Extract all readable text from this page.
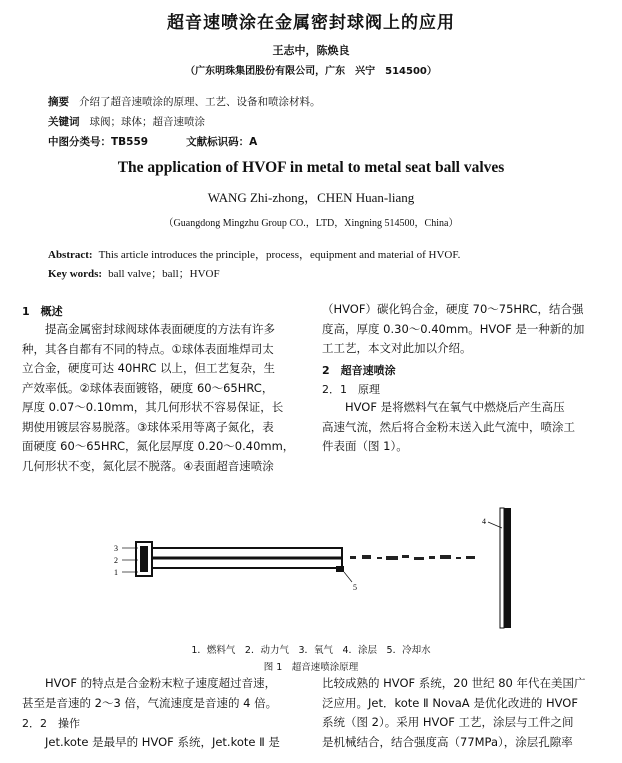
超音速喷涂在金属密封球阀上的应用
王志中，陈焕良
（广东明珠集团股份有限公司，广东　兴宁　514500）
摘要 介绍了超音速喷涂的原理、工艺、设备和喷涂材料。
关键词 球阀；球体；超音速喷涂
中图分类号：TB559	文献标识码：A
The application of HVOF in metal to metal seat ball valves
WANG Zhi-zhong，CHEN Huan-liang
（Guangdong Mingzhu Group CO.，LTD，Xingning 514500，China）
Abstract: This article introduces the principle，process，equipment and material of HVOF.
Key words: ball valve；ball；HVOF
1　概述
提高金属密封球阀球体表面硬度的方法有许多
种，其各自都有不同的特点。①球体表面堆焊司太
立合金，硬度可达 40HRC 以上，但工艺复杂，生
产效率低。②球体表面镀铬，硬度 60～65HRC，
厚度 0.07～0.10mm，其几何形状不容易保证，长
期使用镀层容易脱落。③球体采用等离子氮化，表
面硬度 60～65HRC，氮化层厚度 0.20～0.40mm，
几何形状不变，氮化层不脱落。④表面超音速喷涂
（HVOF）碳化钨合金，硬度 70～75HRC，结合强
度高，厚度 0.30～0.40mm。HVOF 是一种新的加
工工艺，本文对此加以介绍。
2　超音速喷涂
2．1　原理
HVOF 是将燃料气在氧气中燃烧后产生高压
高速气流，然后将合金粉末送入此气流中，喷涂工
件表面（图 1）。
1
2
3
4
5
1．燃料气　2．动力气　3．氧气　4．涂层　5．冷却水
图 1　超音速喷涂原理
HVOF 的特点是合金粉末粒子速度超过音速，
甚至是音速的 2～3 倍，气流速度是音速的 4 倍。
2．2　操作
Jet.kote 是最早的 HVOF 系统，Jet.kote Ⅱ 是
比较成熟的 HVOF 系统，20 世纪 80 年代在美国广
泛应用。Jet．kote Ⅱ NovaA 是优化改进的 HVOF
系统（图 2）。采用 HVOF 工艺，涂层与工件之间
是机械结合，结合强度高（77MPa），涂层孔隙率
